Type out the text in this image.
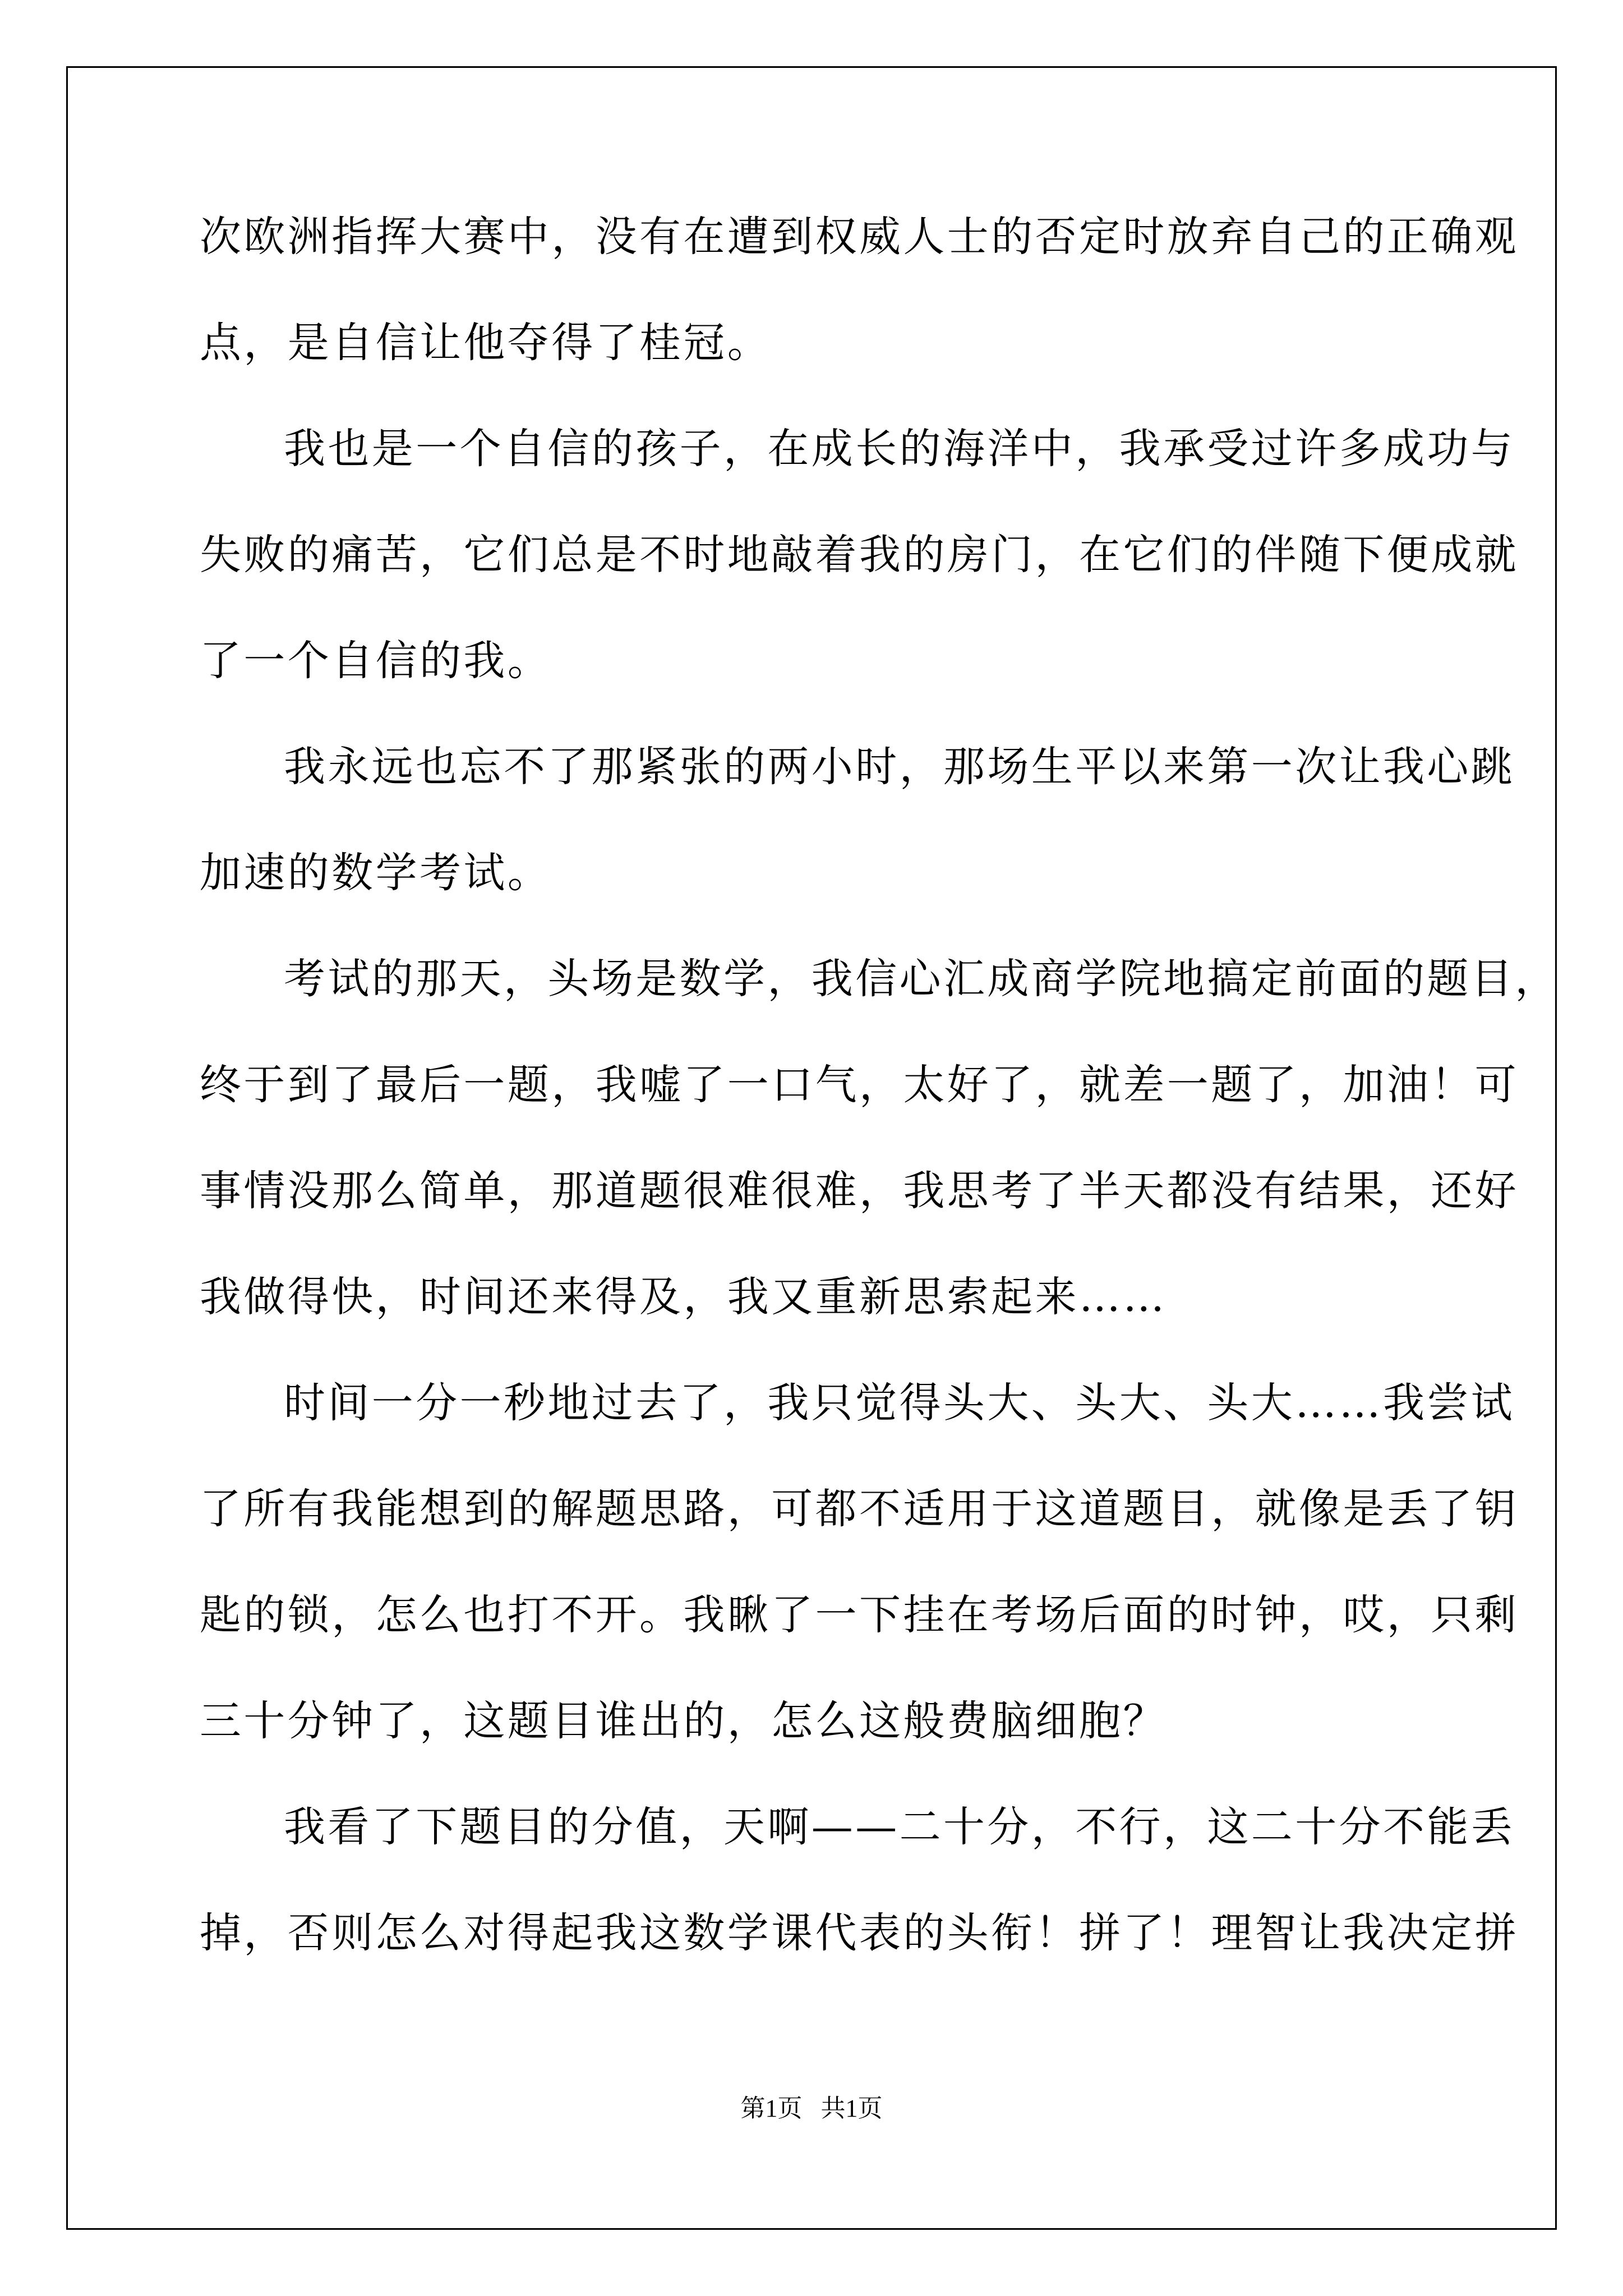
次欧洲指挥大赛中，没有在遭到权威人士的否定时放弃自己的正确观
点，是自信让他夺得了桂冠。
我也是一个自信的孩子，在成长的海洋中，我承受过许多成功与
失败的痛苦，它们总是不时地敲着我的房门，在它们的伴随下便成就
了一个自信的我。
我永远也忘不了那紧张的两小时，那场生平以来第一次让我心跳
加速的数学考试。
考试的那天，头场是数学，我信心汇成商学院地搞定前面的题目，
终于到了最后一题，我嘘了一口气，太好了，就差一题了，加油！可
事情没那么简单，那道题很难很难，我思考了半天都没有结果，还好
我做得快，时间还来得及，我又重新思索起来……
时间一分一秒地过去了，我只觉得头大、头大、头大……我尝试
了所有我能想到的解题思路，可都不适用于这道题目，就像是丢了钥
匙的锁，怎么也打不开。我瞅了一下挂在考场后面的时钟，哎，只剩
三十分钟了，这题目谁出的，怎么这般费脑细胞？
我看了下题目的分值，天啊——二十分，不行，这二十分不能丢
掉，否则怎么对得起我这数学课代表的头衔！拼了！理智让我决定拼
第1页   共1页
